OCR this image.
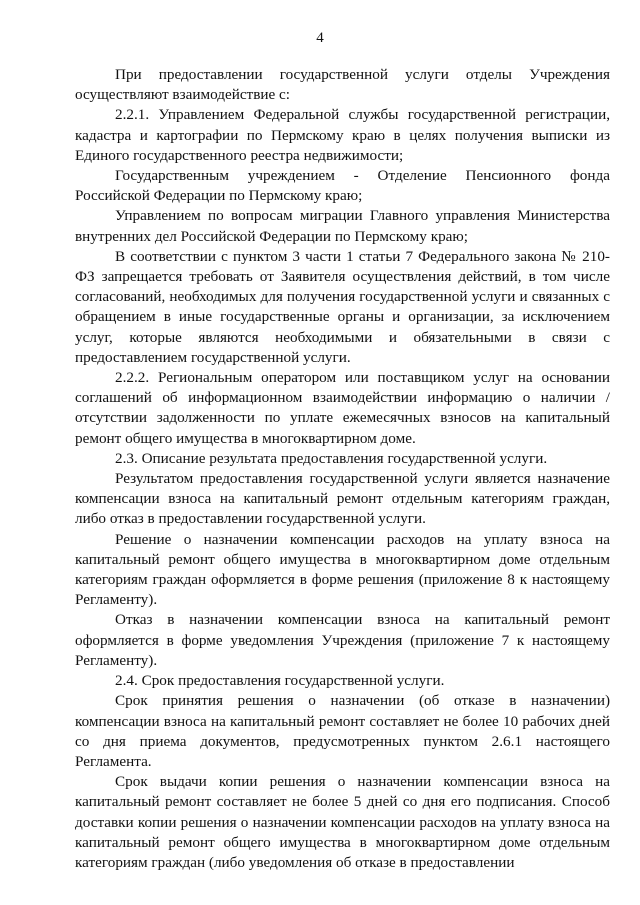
4

При предоставлении государственной услуги отделы Учреждения осуществляют взаимодействие с:

2.2.1. Управлением Федеральной службы государственной регистрации, кадастра и картографии по Пермскому краю в целях получения выписки из Единого государственного реестра недвижимости;

Государственным учреждением - Отделение Пенсионного фонда Российской Федерации по Пермскому краю;

Управлением по вопросам миграции Главного управления Министерства внутренних дел Российской Федерации по Пермскому краю;

В соответствии с пунктом 3 части 1 статьи 7 Федерального закона № 210-ФЗ запрещается требовать от Заявителя осуществления действий, в том числе согласований, необходимых для получения государственной услуги и связанных с обращением в иные государственные органы и организации, за исключением услуг, которые являются необходимыми и обязательными в связи с предоставлением государственной услуги.

2.2.2. Региональным оператором или поставщиком услуг на основании соглашений об информационном взаимодействии информацию о наличии / отсутствии задолженности по уплате ежемесячных взносов на капитальный ремонт общего имущества в многоквартирном доме.

2.3. Описание результата предоставления государственной услуги.

Результатом предоставления государственной услуги является назначение компенсации взноса на капитальный ремонт отдельным категориям граждан, либо отказ в предоставлении государственной услуги.

Решение о назначении компенсации расходов на уплату взноса на капитальный ремонт общего имущества в многоквартирном доме отдельным категориям граждан оформляется в форме решения (приложение 8 к настоящему Регламенту).

Отказ в назначении компенсации взноса на капитальный ремонт оформляется в форме уведомления Учреждения (приложение 7 к настоящему Регламенту).

2.4. Срок предоставления государственной услуги.

Срок принятия решения о назначении (об отказе в назначении) компенсации взноса на капитальный ремонт составляет не более 10 рабочих дней со дня приема документов, предусмотренных пунктом 2.6.1 настоящего Регламента.

Срок выдачи копии решения о назначении компенсации взноса на капитальный ремонт составляет не более 5 дней со дня его подписания. Способ доставки копии решения о назначении компенсации расходов на уплату взноса на капитальный ремонт общего имущества в многоквартирном доме отдельным категориям граждан (либо уведомления об отказе в предоставлении
